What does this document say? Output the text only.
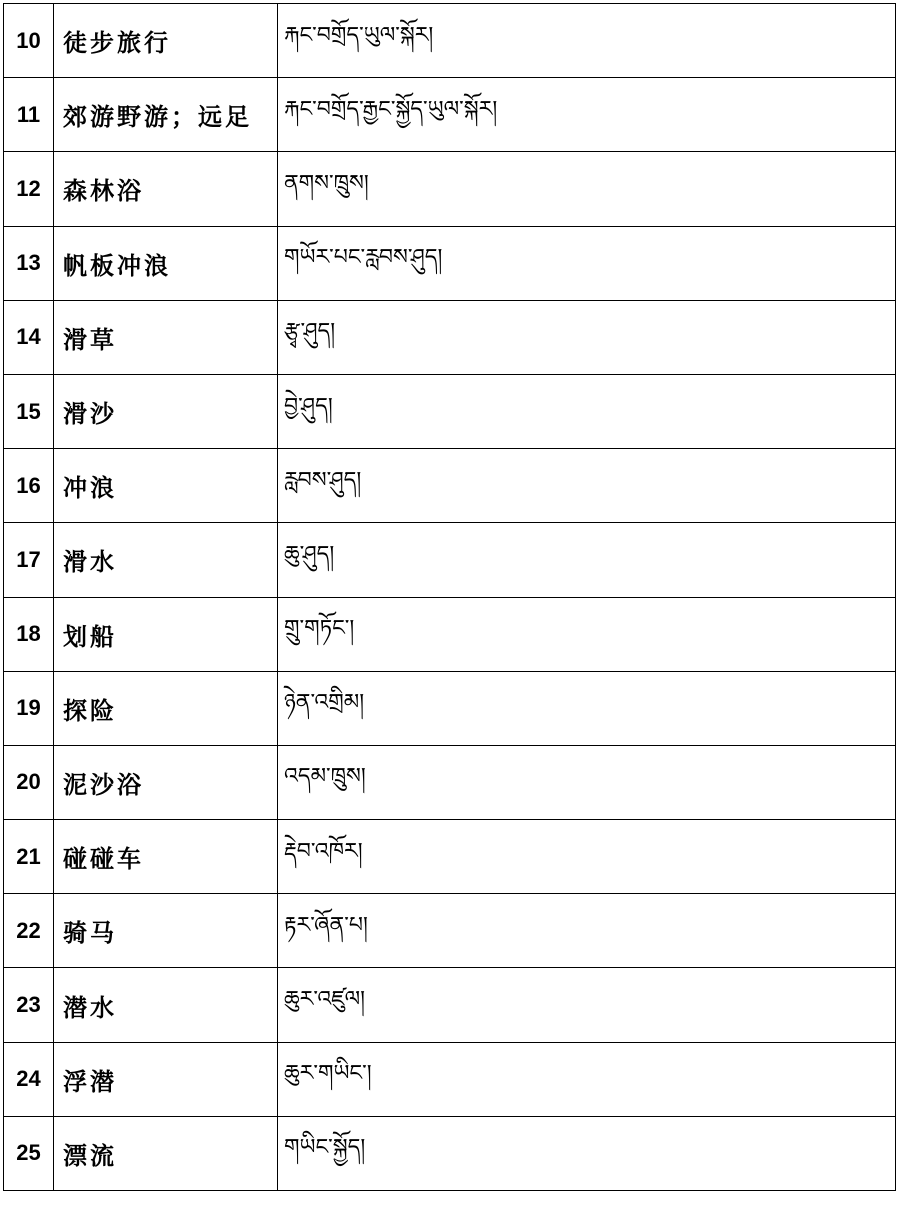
10	徒步旅行	རྐང་བགྲོད་ཡུལ་སྐོར།
11	郊游野游；远足	རྐང་བགྲོད་རྒྱང་སྐྱོད་ཡུལ་སྐོར།
12	森林浴	ནགས་ཁྲུས།
13	帆板冲浪	གཡོར་པང་རླབས་ཤུད།
14	滑草	རྩྭ་ཤུད།
15	滑沙	བྱེ་ཤུད།
16	冲浪	རླབས་ཤུད།
17	滑水	ཆུ་ཤུད།
18	划船	གྲུ་གཏོང་།
19	探险	ཉེན་འགྲིམ།
20	泥沙浴	འདམ་ཁྲུས།
21	碰碰车	རྡེབ་འཁོར།
22	骑马	རྟར་ཞོན་པ།
23	潜水	ཆུར་འཛུལ།
24	浮潜	ཆུར་གཡིང་།
25	漂流	གཡིང་སྐྱོད།
